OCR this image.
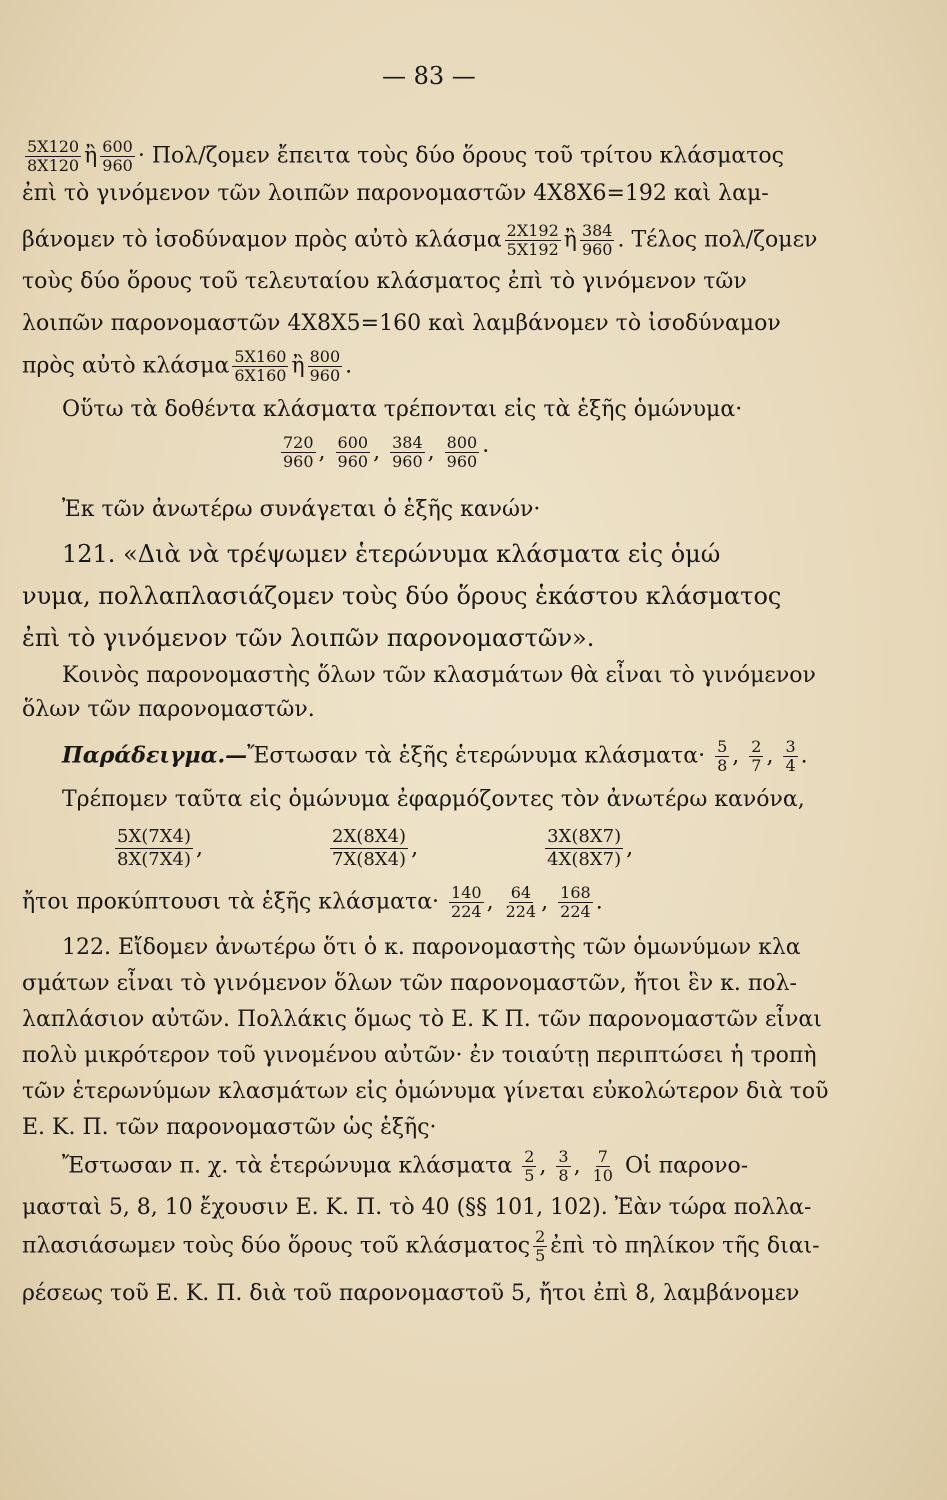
— 83 —
$\frac{5X120}{8X120}$ ἢ $\frac{600}{960} \cdot \Pi o\lambda/\zeta o\mu\varepsilon\nu$ ἔπειτα τοὺς δύο ὅρους τοῦ τρίτου κλάσματος
ἐπὶ τὸ γινόμενον τῶν λοιπῶν παρονομαστῶν 4X8X6=192 καὶ λαμ-
βάνομεν τὸ ἰσοδύναμον πρὸς αὐτὸ κλάσμα $\frac{2X192}{5X192}$ ἢ $\frac{384}{960}$ . Τέλος πολ/ζομεν
τοὺς δύο ὅρους τοῦ τελευταίου κλάσματος ἐπὶ τὸ γινόμενον τῶν
λοιπῶν παρονομαστῶν 4X8X5=160 καὶ λαμβάνομεν τὸ ἰσοδύναμον
πρὸς αὐτὸ κλάσμα $\frac{5X160}{6X160}$ ἢ $\frac{800}{960}$ .
Οὕτω τὰ δοθέντα κλάσματα τρέπονται εἰς τὰ ἑξῆς ὁμώνυμα·
$\frac{720}{960}$ , $\frac{600}{960}$ , $\frac{384}{960}$ , $\frac{800}{960}$ ·
Ἐκ τῶν ἀνωτέρω συνάγεται ὁ ἑξῆς κανών·
121. «Διὰ νὰ τρέψωμεν ἑτερώνυμα κλάσματα εἰς ὁμώ
νυμα, πολλαπλασιάζομεν τοὺς δύο ὅρους ἑκάστου κλάσματος
ἐπὶ τὸ γινόμενον τῶν λοιπῶν παρονομαστῶν».
Κοινὸς παρονομαστὴς ὅλων τῶν κλασμάτων θὰ εἶναι τὸ γινόμενον
ὅλων τῶν παρονομαστῶν.
Παράδειγμα.—Ἔστωσαν τὰ ἑξῆς ἑτερώνυμα $\kappa\lambda ά\sigma\mu\alpha\tau\alpha\cdot \frac{5}{8}$ , $\frac{2}{7}$ , $\frac{3}{4}$ .
Τρέπομεν ταῦτα εἰς ὁμώνυμα ἐφαρμόζοντες τὸν ἀνωτέρω κανόνα,
$\frac{5X(7X4)}{8X(7X4)}$ ,	$\frac{2X(8X4)}{7X(8X4)}$ ,	$\frac{3X(8X7)}{4X(8X7)}$ ,
ἤτοι προκύπτουσι τὰ ἑξῆς $\kappa\lambda ά\sigma\mu\alpha\tau\alpha\cdot \frac{140}{224}$ , $\frac{64}{224}$ , $\frac{168}{224}$ .
122. Εἴδομεν ἀνωτέρω ὅτι ὁ κ. παρονομαστὴς τῶν ὁμωνύμων κλα
σμάτων εἶναι τὸ γινόμενον ὅλων τῶν παρονομαστῶν, ἤτοι ἓν κ. πολ-
λαπλάσιον αὐτῶν. Πολλάκις ὅμως τὸ Ε. Κ Π. τῶν παρονομαστῶν εἶναι
πολὺ μικρότερον τοῦ γινομένου αὐτῶν· ἐν τοιαύτῃ περιπτώσει ἡ τροπὴ
τῶν ἑτερωνύμων κλασμάτων εἰς ὁμώνυμα γίνεται εὐκολώτερον διὰ τοῦ
Ε. Κ. Π. τῶν παρονομαστῶν ὡς ἑξῆς·
Ἔστωσαν π. χ. τὰ ἑτερώνυμα κλάσματα $\frac{2}{5}$ , $\frac{3}{8}$ , $\frac{7}{10}$ Οἱ παρονο-
μασταὶ 5, 8, 10 ἔχουσιν Ε. Κ. Π. τὸ 40 (§§ 101, 102). Ἐὰν τώρα πολλα-
πλασιάσωμεν τοὺς δύο ὅρους τοῦ κλάσματος $\frac{2}{5}$ ἐπὶ τὸ πηλίκον τῆς διαι-
ρέσεως τοῦ Ε. Κ. Π. διὰ τοῦ παρονομαστοῦ 5, ἤτοι ἐπὶ 8, λαμβάνομεν
